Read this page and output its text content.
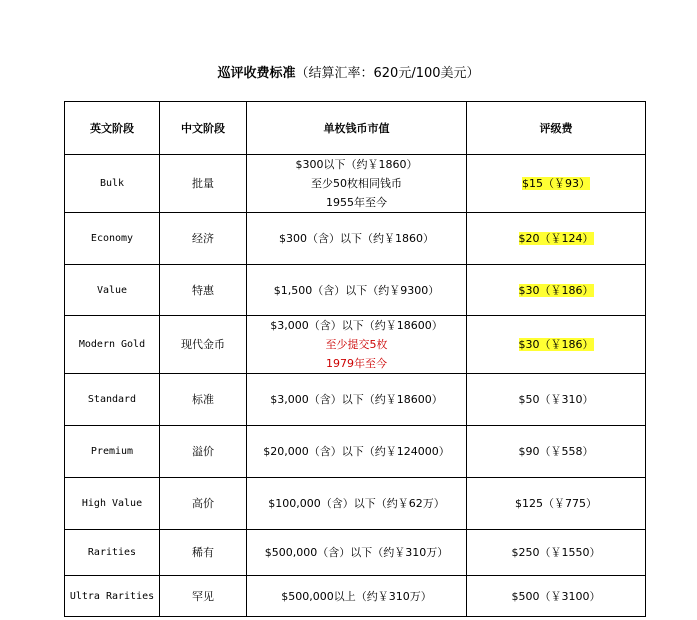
巡评收费标准（结算汇率：620元/100美元）
英文阶段	中文阶段	单枚钱币市值	评级费
Bulk	批量	$300以下（约￥1860）
至少50枚相同钱币
1955年至今	$15（￥93）
Economy	经济	$300（含）以下（约￥1860）	$20（￥124）
Value	特惠	$1,500（含）以下（约￥9300）	$30（￥186）
Modern Gold	现代金币	$3,000（含）以下（约￥18600）
至少提交5枚
1979年至今	$30（￥186）
Standard	标准	$3,000（含）以下（约￥18600）	$50（￥310）
Premium	溢价	$20,000（含）以下（约￥124000）	$90（￥558）
High Value	高价	$100,000（含）以下（约￥62万）	$125（￥775）
Rarities	稀有	$500,000（含）以下（约￥310万）	$250（￥1550）
Ultra Rarities	罕见	$500,000以上（约￥310万）	$500（￥3100）
